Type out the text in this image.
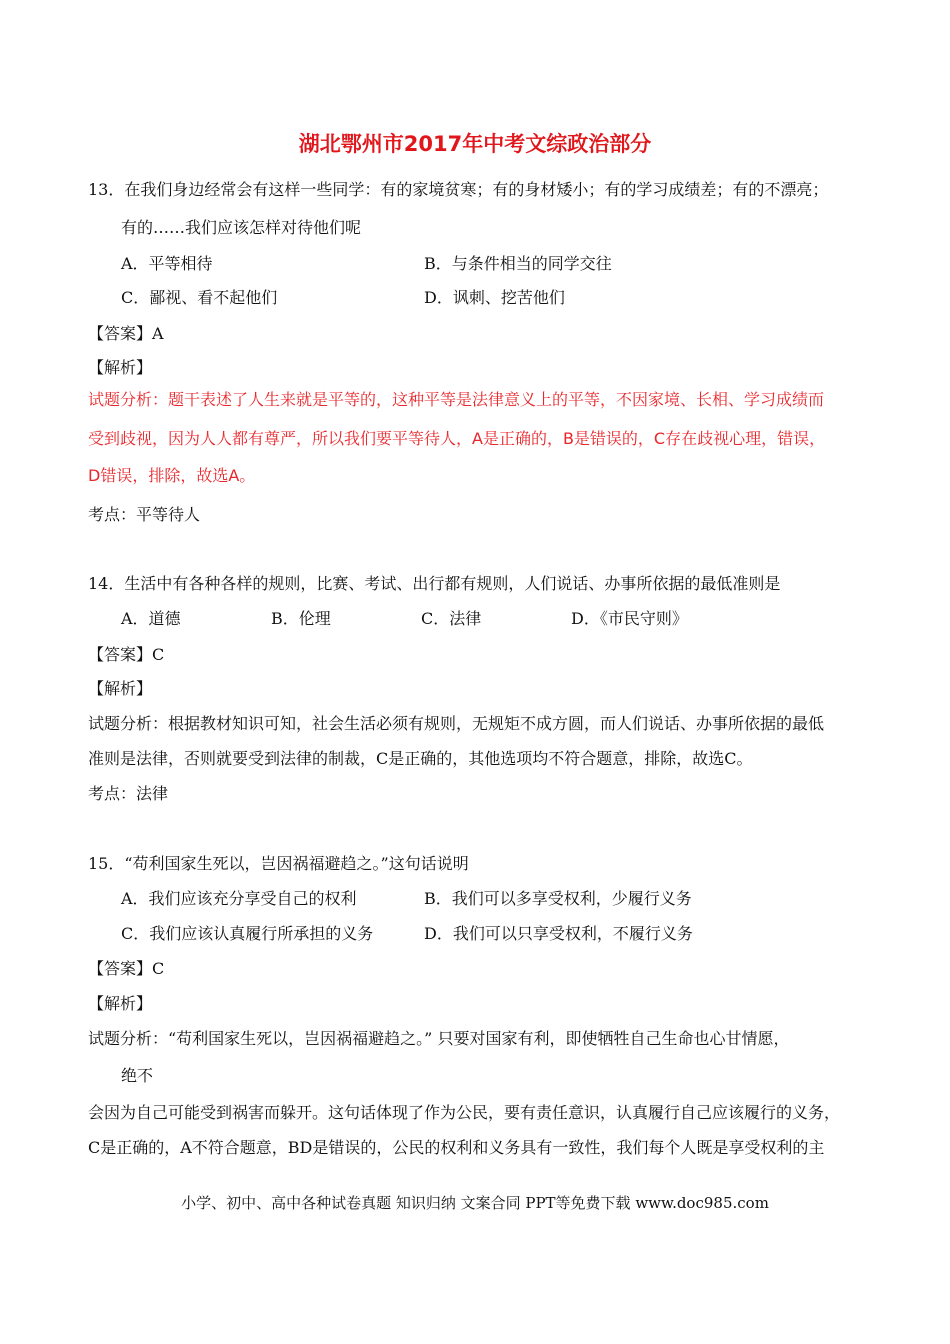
湖北鄂州市2017年中考文综政治部分
13．在我们身边经常会有这样一些同学：有的家境贫寒；有的身材矮小；有的学习成绩差；有的不漂亮；
有的……我们应该怎样对待他们呢
A．平等相待	B．与条件相当的同学交往
C．鄙视、看不起他们	D．讽刺、挖苦他们
【答案】A
【解析】
试题分析：题干表述了人生来就是平等的，这种平等是法律意义上的平等，不因家境、长相、学习成绩而
受到歧视，因为人人都有尊严，所以我们要平等待人，A是正确的，B是错误的，C存在歧视心理，错误，
D错误，排除，故选A。
考点：平等待人
14．生活中有各种各样的规则，比赛、考试、出行都有规则，人们说话、办事所依据的最低准则是
A．道德	B．伦理	C．法律	D．《市民守则》
【答案】C
【解析】
试题分析：根据教材知识可知，社会生活必须有规则，无规矩不成方圆，而人们说话、办事所依据的最低
准则是法律，否则就要受到法律的制裁，C是正确的，其他选项均不符合题意，排除，故选C。
考点：法律
15．“苟利国家生死以，岂因祸福避趋之。”这句话说明
A．我们应该充分享受自己的权利	B．我们可以多享受权利，少履行义务
C．我们应该认真履行所承担的义务	D．我们可以只享受权利，不履行义务
【答案】C
【解析】
试题分析：“苟利国家生死以，岂因祸福避趋之。” 只要对国家有利，即使牺牲自己生命也心甘情愿，
绝不
会因为自己可能受到祸害而躲开。这句话体现了作为公民，要有责任意识，认真履行自己应该履行的义务，
C是正确的，A不符合题意，BD是错误的，公民的权利和义务具有一致性，我们每个人既是享受权利的主
小学、初中、高中各种试卷真题 知识归纳 文案合同 PPT等免费下载 www.doc985.com
